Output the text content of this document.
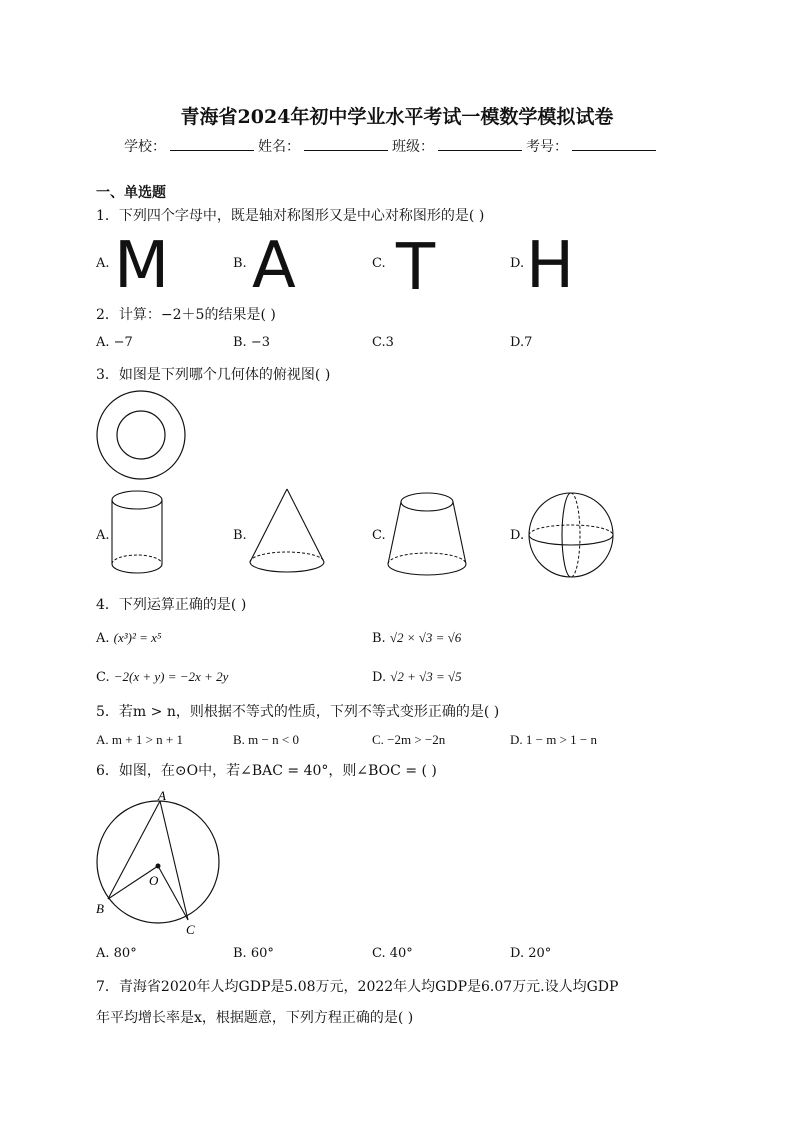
青海省2024年初中学业水平考试一模数学模拟试卷
学校：	姓名：	班级：	考号：
一、单选题
1．下列四个字母中，既是轴对称图形又是中心对称图形的是( )
A. M	B. A	C. T	D. H
2．计算：−2＋5的结果是( )
A. −7	B. −3	C.3	D.7
3．如图是下列哪个几何体的俯视图( )
A.	B.	C.	D.
4．下列运算正确的是( )
A. (x³)² = x⁵	B. √2 × √3 = √6
C. −2(x + y) = −2x + 2y	D. √2 + √3 = √5
5．若m > n，则根据不等式的性质，下列不等式变形正确的是( )
A. m + 1 > n + 1	B. m − n < 0	C. −2m > −2n	D. 1 − m > 1 − n
6．如图，在⊙O中，若∠BAC = 40°，则∠BOC = ( )
A
B
C
O
A. 80°	B. 60°	C. 40°	D. 20°
7．青海省2020年人均GDP是5.08万元，2022年人均GDP是6.07万元.设人均GDP
年平均增长率是x，根据题意，下列方程正确的是( )
